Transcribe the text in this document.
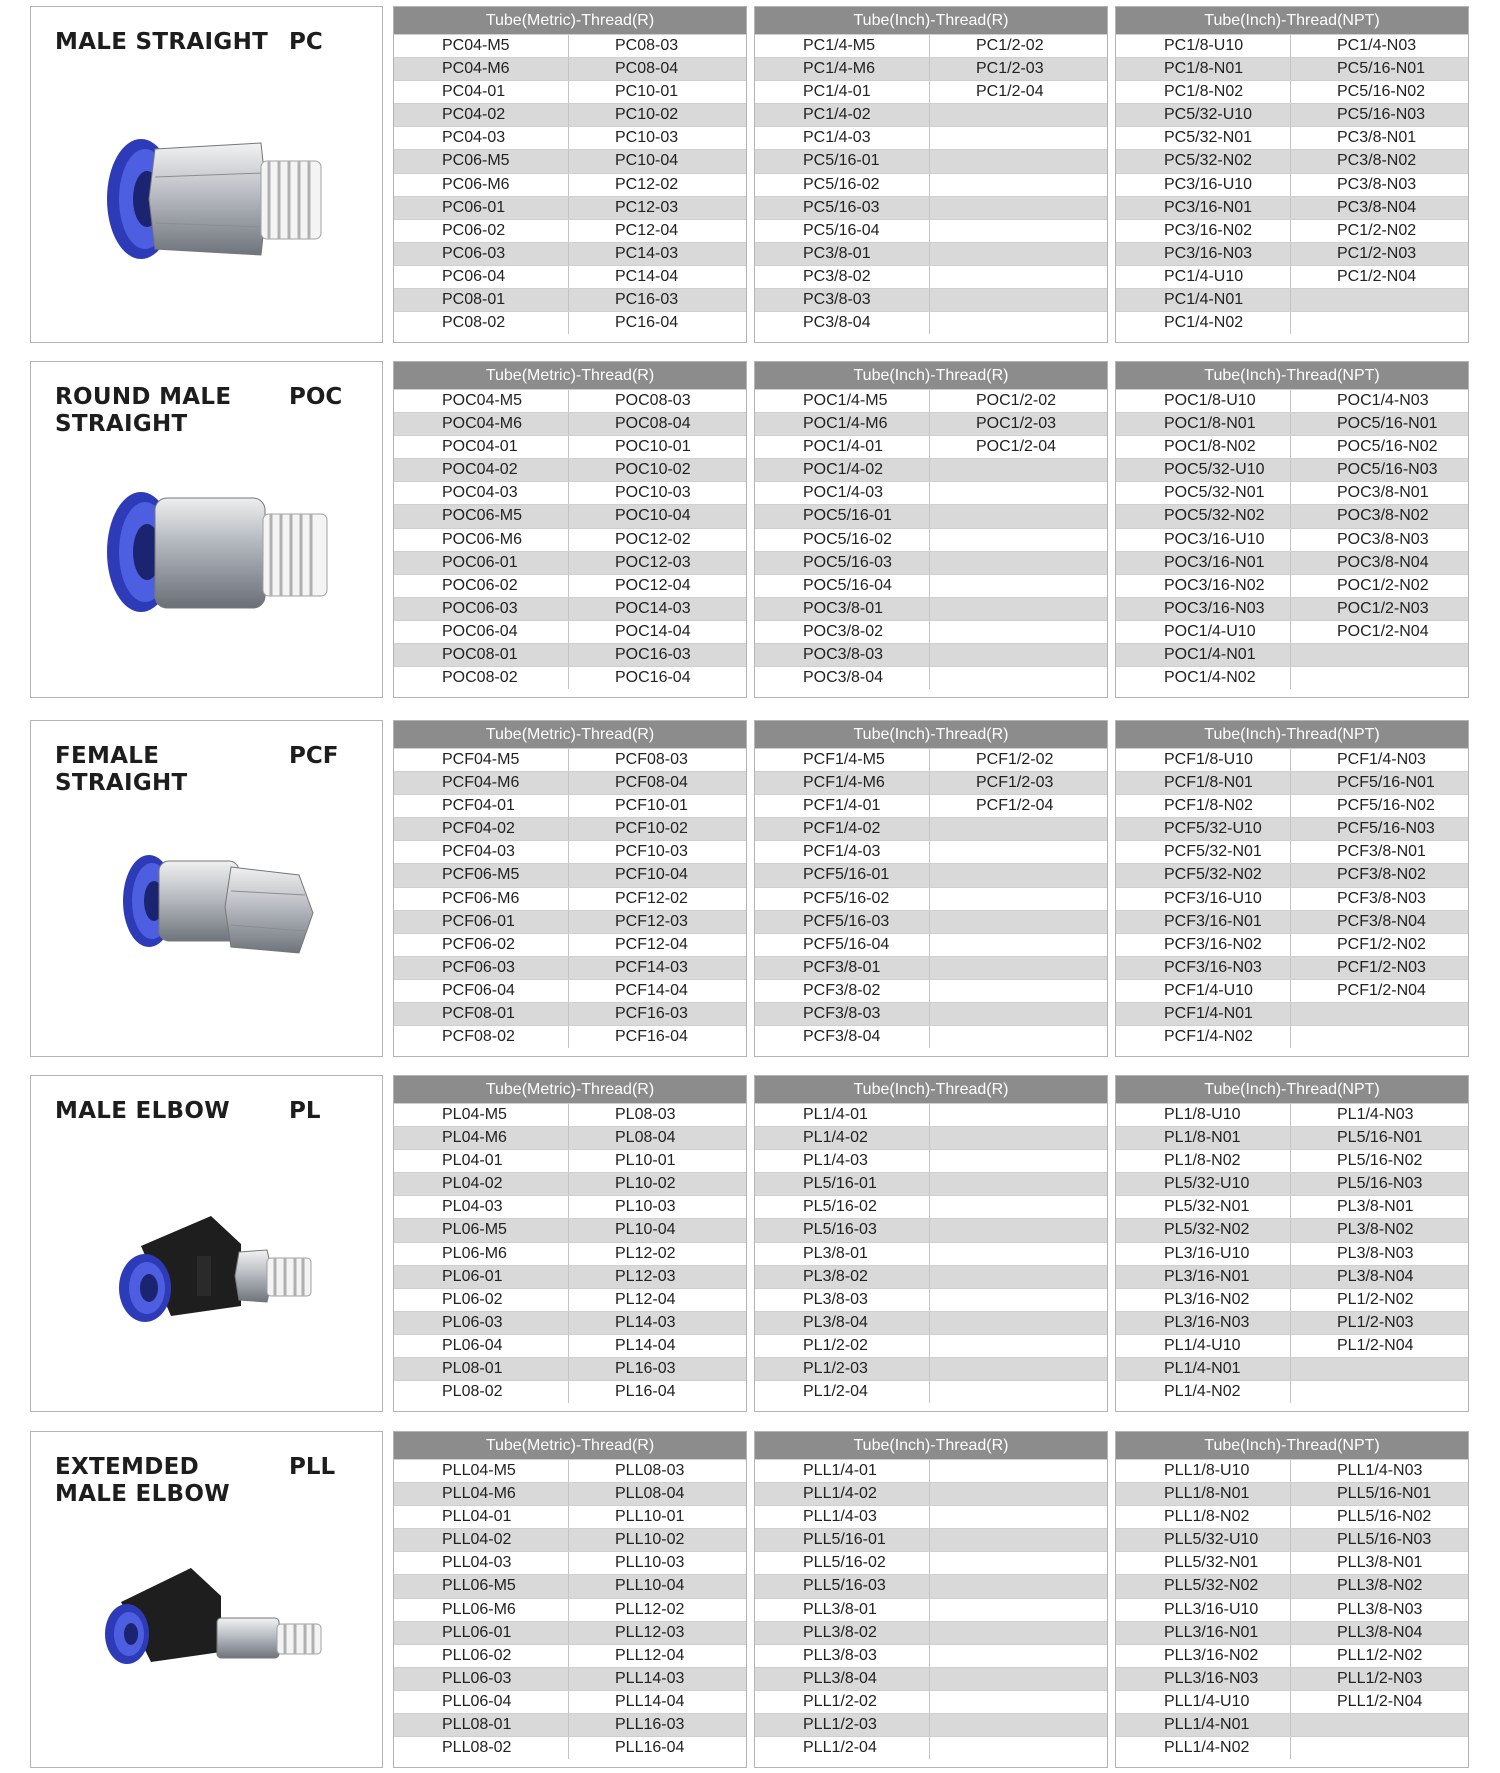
MALE STRAIGHT PC
Tube(Metric)-Thread(R)
PC04-M5	PC08-03
PC04-M6	PC08-04
PC04-01	PC10-01
PC04-02	PC10-02
PC04-03	PC10-03
PC06-M5	PC10-04
PC06-M6	PC12-02
PC06-01	PC12-03
PC06-02	PC12-04
PC06-03	PC14-03
PC06-04	PC14-04
PC08-01	PC16-03
PC08-02	PC16-04
Tube(Inch)-Thread(R)
PC1/4-M5	PC1/2-02
PC1/4-M6	PC1/2-03
PC1/4-01	PC1/2-04
PC1/4-02
PC1/4-03
PC5/16-01
PC5/16-02
PC5/16-03
PC5/16-04
PC3/8-01
PC3/8-02
PC3/8-03
PC3/8-04
Tube(Inch)-Thread(NPT)
PC1/8-U10	PC1/4-N03
PC1/8-N01	PC5/16-N01
PC1/8-N02	PC5/16-N02
PC5/32-U10	PC5/16-N03
PC5/32-N01	PC3/8-N01
PC5/32-N02	PC3/8-N02
PC3/16-U10	PC3/8-N03
PC3/16-N01	PC3/8-N04
PC3/16-N02	PC1/2-N02
PC3/16-N03	PC1/2-N03
PC1/4-U10	PC1/2-N04
PC1/4-N01
PC1/4-N02
ROUND MALE
STRAIGHT
POC
Tube(Metric)-Thread(R)
POC04-M5	POC08-03
POC04-M6	POC08-04
POC04-01	POC10-01
POC04-02	POC10-02
POC04-03	POC10-03
POC06-M5	POC10-04
POC06-M6	POC12-02
POC06-01	POC12-03
POC06-02	POC12-04
POC06-03	POC14-03
POC06-04	POC14-04
POC08-01	POC16-03
POC08-02	POC16-04
Tube(Inch)-Thread(R)
POC1/4-M5	POC1/2-02
POC1/4-M6	POC1/2-03
POC1/4-01	POC1/2-04
POC1/4-02
POC1/4-03
POC5/16-01
POC5/16-02
POC5/16-03
POC5/16-04
POC3/8-01
POC3/8-02
POC3/8-03
POC3/8-04
Tube(Inch)-Thread(NPT)
POC1/8-U10	POC1/4-N03
POC1/8-N01	POC5/16-N01
POC1/8-N02	POC5/16-N02
POC5/32-U10	POC5/16-N03
POC5/32-N01	POC3/8-N01
POC5/32-N02	POC3/8-N02
POC3/16-U10	POC3/8-N03
POC3/16-N01	POC3/8-N04
POC3/16-N02	POC1/2-N02
POC3/16-N03	POC1/2-N03
POC1/4-U10	POC1/2-N04
POC1/4-N01
POC1/4-N02
FEMALE
STRAIGHT
PCF
Tube(Metric)-Thread(R)
PCF04-M5	PCF08-03
PCF04-M6	PCF08-04
PCF04-01	PCF10-01
PCF04-02	PCF10-02
PCF04-03	PCF10-03
PCF06-M5	PCF10-04
PCF06-M6	PCF12-02
PCF06-01	PCF12-03
PCF06-02	PCF12-04
PCF06-03	PCF14-03
PCF06-04	PCF14-04
PCF08-01	PCF16-03
PCF08-02	PCF16-04
Tube(Inch)-Thread(R)
PCF1/4-M5	PCF1/2-02
PCF1/4-M6	PCF1/2-03
PCF1/4-01	PCF1/2-04
PCF1/4-02
PCF1/4-03
PCF5/16-01
PCF5/16-02
PCF5/16-03
PCF5/16-04
PCF3/8-01
PCF3/8-02
PCF3/8-03
PCF3/8-04
Tube(Inch)-Thread(NPT)
PCF1/8-U10	PCF1/4-N03
PCF1/8-N01	PCF5/16-N01
PCF1/8-N02	PCF5/16-N02
PCF5/32-U10	PCF5/16-N03
PCF5/32-N01	PCF3/8-N01
PCF5/32-N02	PCF3/8-N02
PCF3/16-U10	PCF3/8-N03
PCF3/16-N01	PCF3/8-N04
PCF3/16-N02	PCF1/2-N02
PCF3/16-N03	PCF1/2-N03
PCF1/4-U10	PCF1/2-N04
PCF1/4-N01
PCF1/4-N02
MALE ELBOW	PL
Tube(Metric)-Thread(R)
PL04-M5	PL08-03
PL04-M6	PL08-04
PL04-01	PL10-01
PL04-02	PL10-02
PL04-03	PL10-03
PL06-M5	PL10-04
PL06-M6	PL12-02
PL06-01	PL12-03
PL06-02	PL12-04
PL06-03	PL14-03
PL06-04	PL14-04
PL08-01	PL16-03
PL08-02	PL16-04
Tube(Inch)-Thread(R)
PL1/4-01
PL1/4-02
PL1/4-03
PL5/16-01
PL5/16-02
PL5/16-03
PL3/8-01
PL3/8-02
PL3/8-03
PL3/8-04
PL1/2-02
PL1/2-03
PL1/2-04
Tube(Inch)-Thread(NPT)
PL1/8-U10	PL1/4-N03
PL1/8-N01	PL5/16-N01
PL1/8-N02	PL5/16-N02
PL5/32-U10	PL5/16-N03
PL5/32-N01	PL3/8-N01
PL5/32-N02	PL3/8-N02
PL3/16-U10	PL3/8-N03
PL3/16-N01	PL3/8-N04
PL3/16-N02	PL1/2-N02
PL3/16-N03	PL1/2-N03
PL1/4-U10	PL1/2-N04
PL1/4-N01
PL1/4-N02
EXTEMDED
MALE ELBOW
PLL
Tube(Metric)-Thread(R)
PLL04-M5	PLL08-03
PLL04-M6	PLL08-04
PLL04-01	PLL10-01
PLL04-02	PLL10-02
PLL04-03	PLL10-03
PLL06-M5	PLL10-04
PLL06-M6	PLL12-02
PLL06-01	PLL12-03
PLL06-02	PLL12-04
PLL06-03	PLL14-03
PLL06-04	PLL14-04
PLL08-01	PLL16-03
PLL08-02	PLL16-04
Tube(Inch)-Thread(R)
PLL1/4-01
PLL1/4-02
PLL1/4-03
PLL5/16-01
PLL5/16-02
PLL5/16-03
PLL3/8-01
PLL3/8-02
PLL3/8-03
PLL3/8-04
PLL1/2-02
PLL1/2-03
PLL1/2-04
Tube(Inch)-Thread(NPT)
PLL1/8-U10	PLL1/4-N03
PLL1/8-N01	PLL5/16-N01
PLL1/8-N02	PLL5/16-N02
PLL5/32-U10	PLL5/16-N03
PLL5/32-N01	PLL3/8-N01
PLL5/32-N02	PLL3/8-N02
PLL3/16-U10	PLL3/8-N03
PLL3/16-N01	PLL3/8-N04
PLL3/16-N02	PLL1/2-N02
PLL3/16-N03	PLL1/2-N03
PLL1/4-U10	PLL1/2-N04
PLL1/4-N01
PLL1/4-N02
